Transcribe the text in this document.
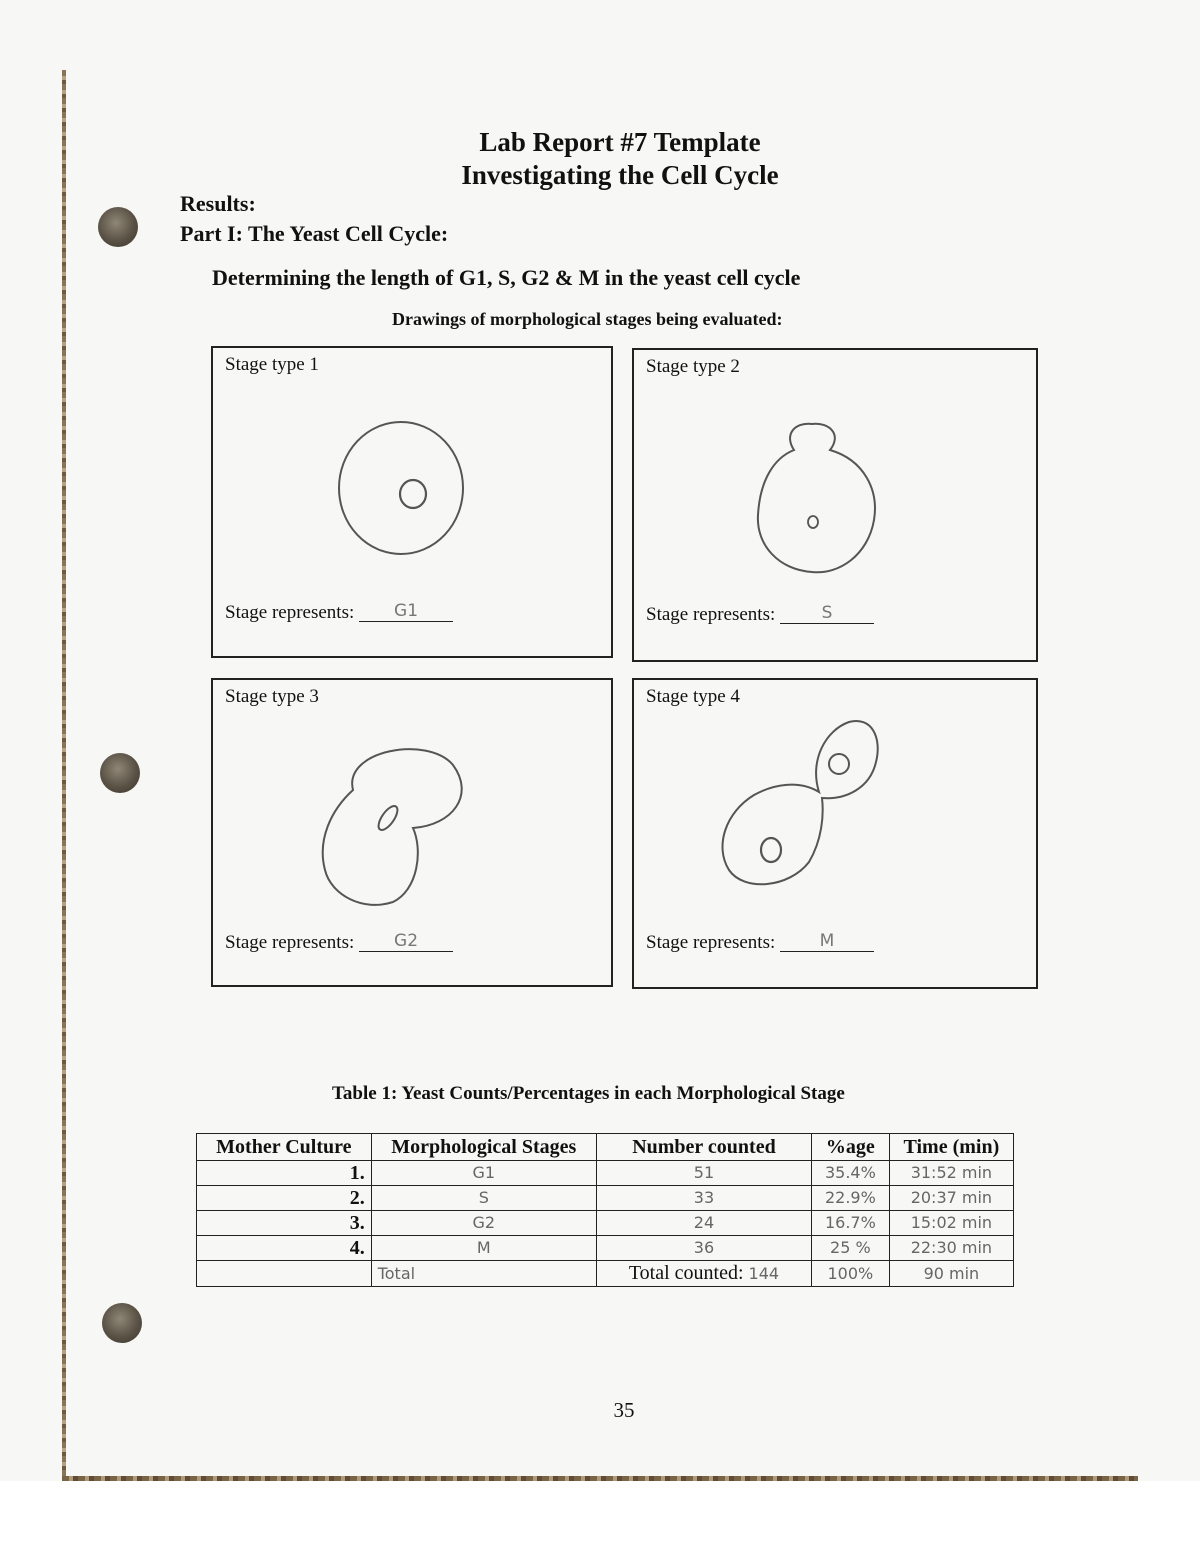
Lab Report #7 Template
Investigating the Cell Cycle
Results:
Part I: The Yeast Cell Cycle:
Determining the length of G1, S, G2 & M in the yeast cell cycle
Drawings of morphological stages being evaluated:
Stage type 1
Stage represents: G1
Stage type 2
Stage represents:	S
Stage type 3
Stage represents: G2
Stage type 4
Stage represents:	M
Table 1: Yeast Counts/Percentages in each Morphological Stage
Mother Culture	Morphological Stages	Number counted	%age	Time (min)
1.	G1	51	35.4%	31:52 min
2.	S	33	22.9%	20:37 min
3.	G2	24	16.7%	15:02 min
4.	M	36	25 %	22:30 min
	Total	Total counted: 144	100%	90 min
35
